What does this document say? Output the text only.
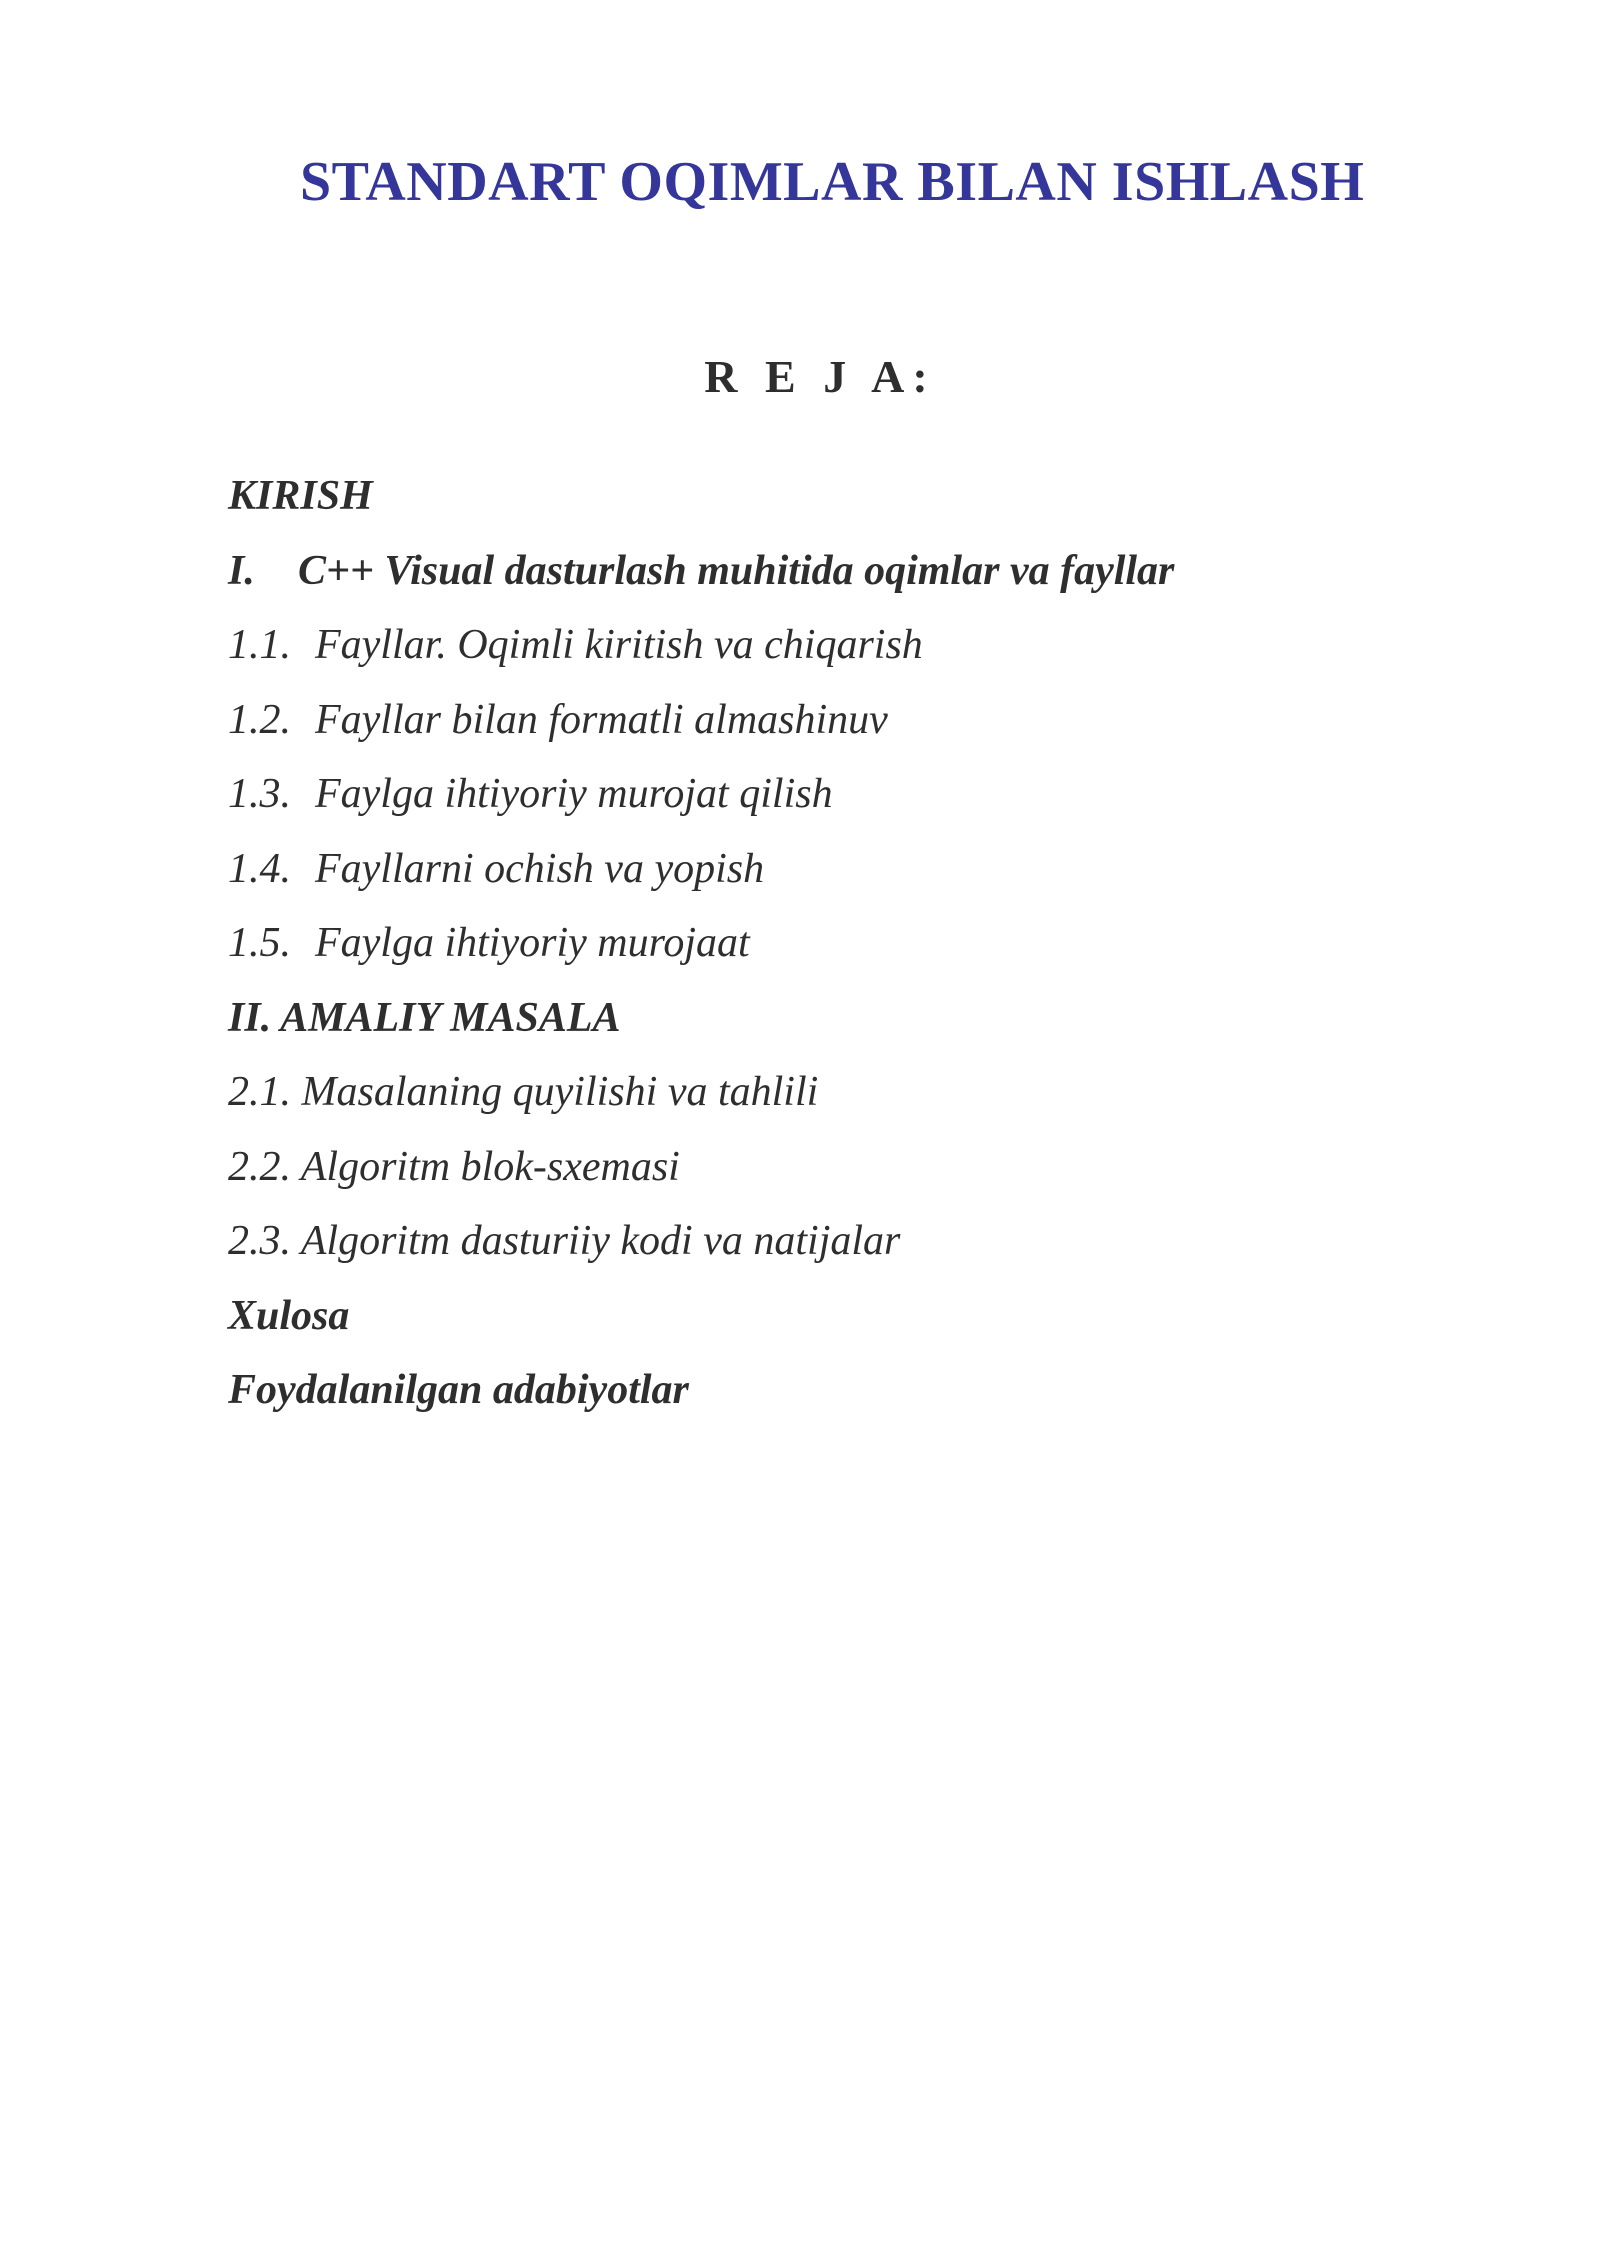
STANDART OQIMLAR BILAN ISHLASH
R E J A:
KIRISH
I. C++ Visual dasturlash muhitida oqimlar va fayllar
1.1. Fayllar. Oqimli kiritish va chiqarish
1.2. Fayllar bilan formatli almashinuv
1.3. Faylga ihtiyoriy murojat qilish
1.4. Fayllarni ochish va yopish
1.5. Faylga ihtiyoriy murojaat
II. AMALIY MASALA
2.1. Masalaning quyilishi va tahlili
2.2. Algoritm blok-sxemasi
2.3. Algoritm dasturiiy kodi va natijalar
Xulosa
Foydalanilgan adabiyotlar
